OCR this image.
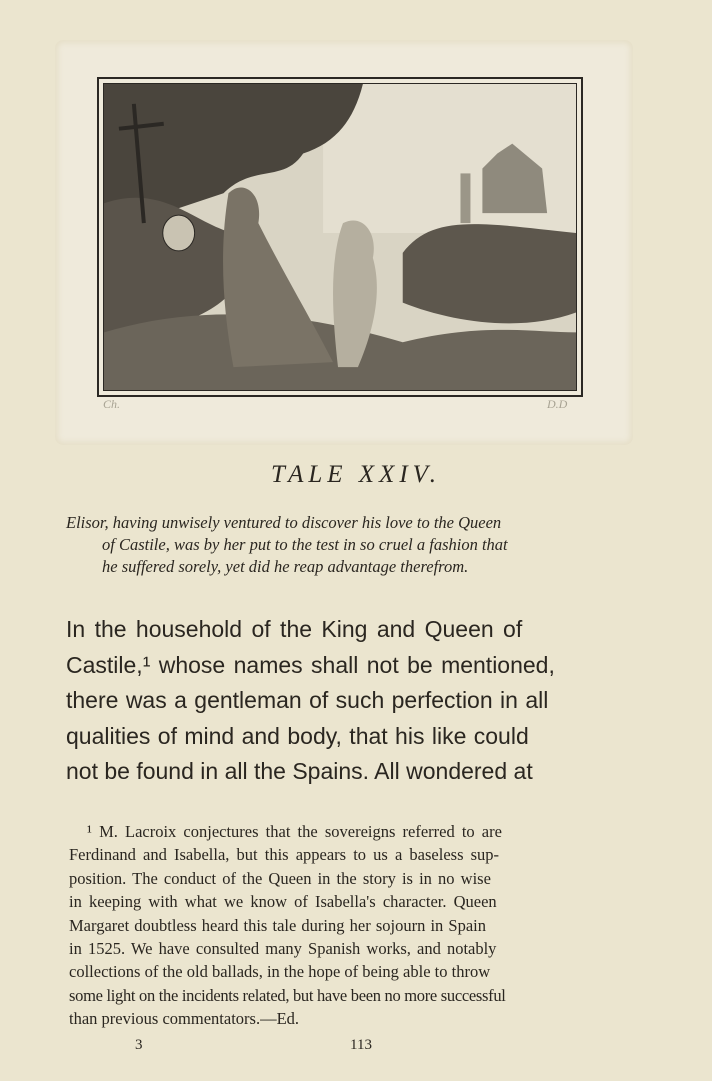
Ch.	D.D
TALE XXIV.
Elisor, having unwisely ventured to discover his love to the Queen
of Castile, was by her put to the test in so cruel a fashion that
he suffered sorely, yet did he reap advantage therefrom.
In the household of the King and Queen of
Castile,¹ whose names shall not be mentioned,
there was a gentleman of such perfection in all
qualities of mind and body, that his like could
not be found in all the Spains. All wondered at
¹ M. Lacroix conjectures that the sovereigns referred to are
Ferdinand and Isabella, but this appears to us a baseless sup-
position. The conduct of the Queen in the story is in no wise
in keeping with what we know of Isabella's character. Queen
Margaret doubtless heard this tale during her sojourn in Spain
in 1525. We have consulted many Spanish works, and notably
collections of the old ballads, in the hope of being able to throw
some light on the incidents related, but have been no more successful
than previous commentators.—Ed.
3	113
